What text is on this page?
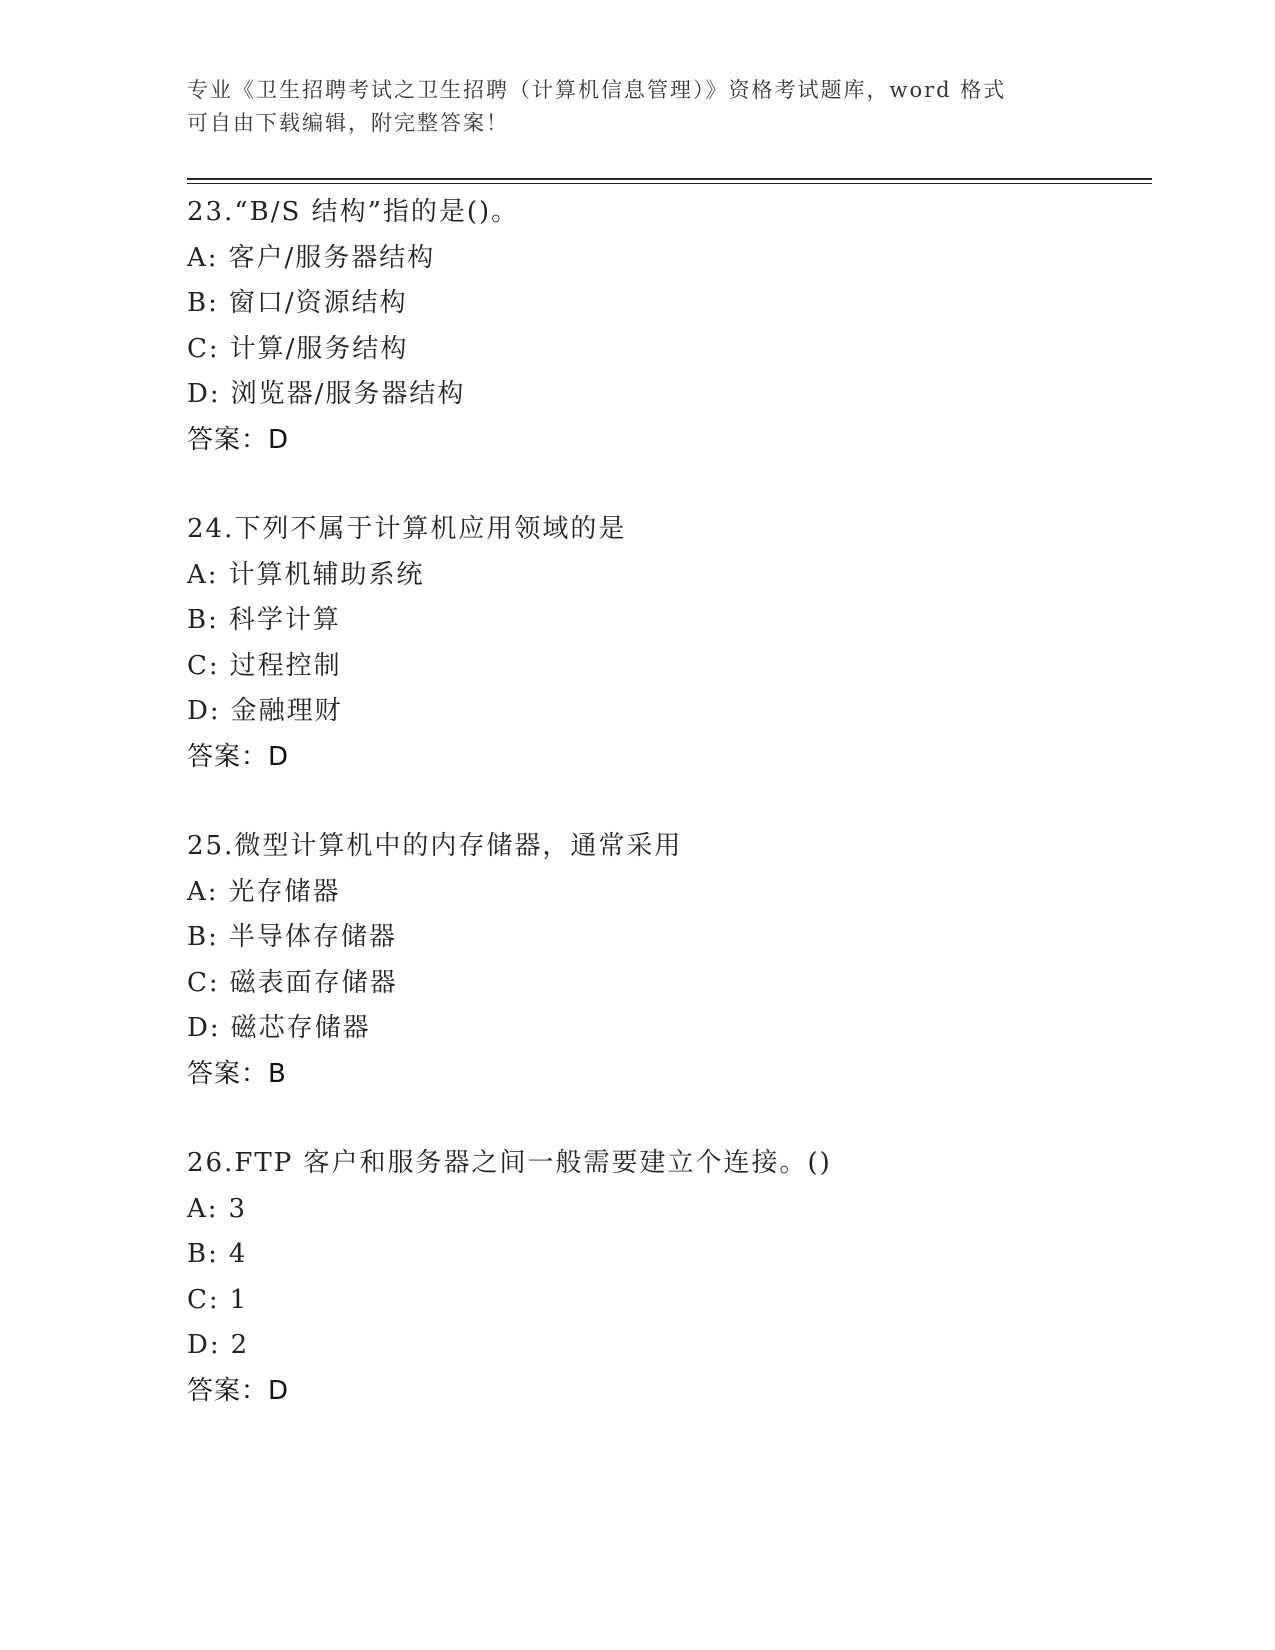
专业《卫生招聘考试之卫生招聘（计算机信息管理）》资格考试题库，word 格式
可自由下载编辑，附完整答案！
23.“B/S 结构”指的是()。
A: 客户/服务器结构
B: 窗口/资源结构
C: 计算/服务结构
D: 浏览器/服务器结构
答案：D
24.下列不属于计算机应用领域的是
A: 计算机辅助系统
B: 科学计算
C: 过程控制
D: 金融理财
答案：D
25.微型计算机中的内存储器，通常采用
A: 光存储器
B: 半导体存储器
C: 磁表面存储器
D: 磁芯存储器
答案：B
26.FTP 客户和服务器之间一般需要建立个连接。()
A: 3
B: 4
C: 1
D: 2
答案：D
